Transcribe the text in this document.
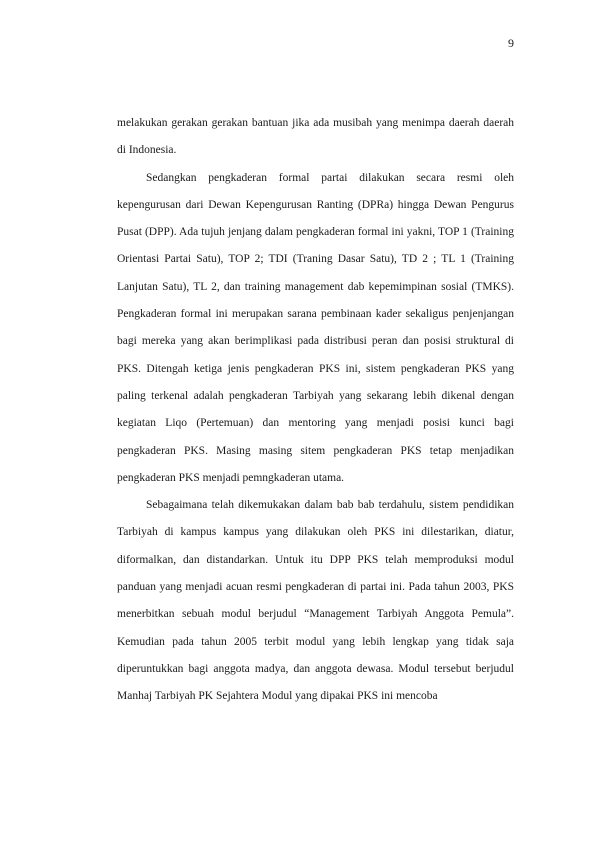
9

melakukan gerakan gerakan bantuan jika ada musibah yang menimpa daerah daerah di Indonesia.

Sedangkan pengkaderan formal partai dilakukan secara resmi oleh kepengurusan dari Dewan Kepengurusan Ranting (DPRa) hingga Dewan Pengurus Pusat (DPP). Ada tujuh jenjang dalam pengkaderan formal ini yakni, TOP 1 (Training Orientasi Partai Satu), TOP 2; TDI (Traning Dasar Satu), TD 2 ; TL 1 (Training Lanjutan Satu), TL 2, dan training management dab kepemimpinan sosial (TMKS). Pengkaderan formal ini merupakan sarana pembinaan kader sekaligus penjenjangan bagi mereka yang akan berimplikasi pada distribusi peran dan posisi struktural di PKS. Ditengah ketiga jenis pengkaderan PKS ini, sistem pengkaderan PKS yang paling terkenal adalah pengkaderan Tarbiyah yang sekarang lebih dikenal dengan kegiatan Liqo (Pertemuan) dan mentoring yang menjadi posisi kunci bagi pengkaderan PKS. Masing masing sitem pengkaderan PKS tetap menjadikan pengkaderan PKS menjadi pemngkaderan utama.

Sebagaimana telah dikemukakan dalam bab bab terdahulu, sistem pendidikan Tarbiyah di kampus kampus yang dilakukan oleh PKS ini dilestarikan, diatur, diformalkan, dan distandarkan. Untuk itu DPP PKS telah memproduksi modul panduan yang menjadi acuan resmi pengkaderan di partai ini. Pada tahun 2003, PKS menerbitkan sebuah modul berjudul “Management Tarbiyah Anggota Pemula”. Kemudian pada tahun 2005 terbit modul yang lebih lengkap yang tidak saja diperuntukkan bagi anggota madya, dan anggota dewasa. Modul tersebut berjudul Manhaj Tarbiyah PK Sejahtera Modul yang dipakai PKS ini mencoba
